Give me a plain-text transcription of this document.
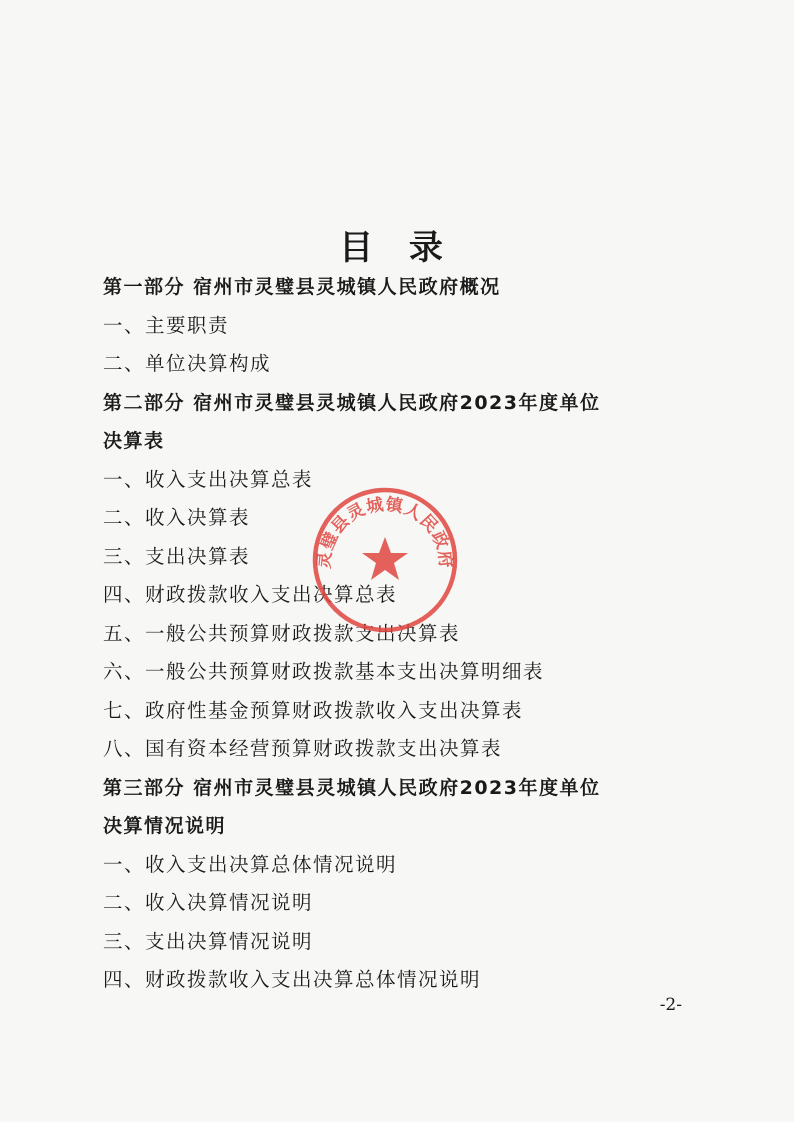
目 录
第一部分 宿州市灵璧县灵城镇人民政府概况
一、主要职责
二、单位决算构成
第二部分 宿州市灵璧县灵城镇人民政府2023年度单位
决算表
一、收入支出决算总表
二、收入决算表
三、支出决算表
四、财政拨款收入支出决算总表
五、一般公共预算财政拨款支出决算表
六、一般公共预算财政拨款基本支出决算明细表
七、政府性基金预算财政拨款收入支出决算表
八、国有资本经营预算财政拨款支出决算表
第三部分 宿州市灵璧县灵城镇人民政府2023年度单位
决算情况说明
一、收入支出决算总体情况说明
二、收入决算情况说明
三、支出决算情况说明
四、财政拨款收入支出决算总体情况说明
灵璧县灵城镇人民政府
-2-
